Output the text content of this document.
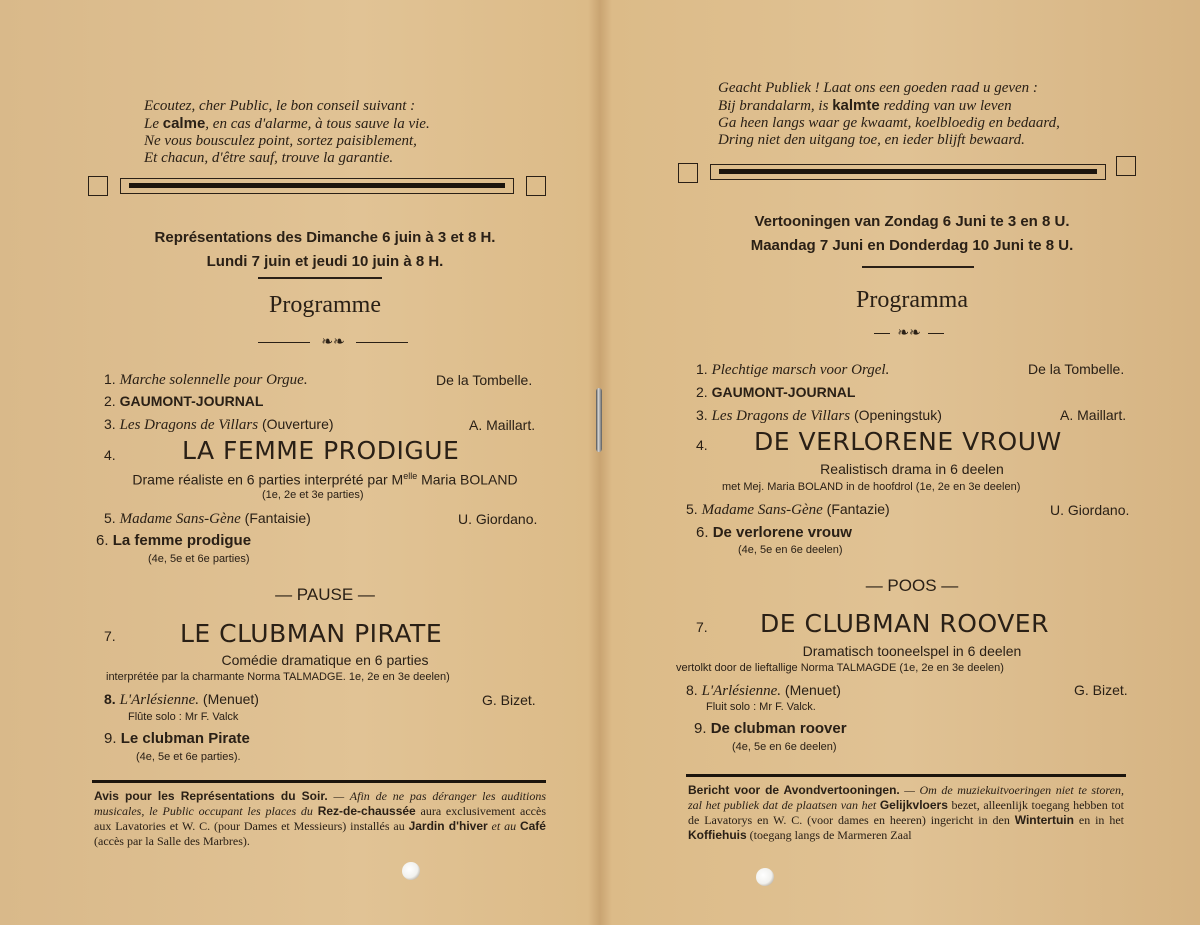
Ecoutez, cher Public, le bon conseil suivant :
Le calme, en cas d'alarme, à tous sauve la vie.
Ne vous bousculez point, sortez paisiblement,
Et chacun, d'être sauf, trouve la garantie.
Représentations des Dimanche 6 juin à 3 et 8 H.
Lundi 7 juin et jeudi 10 juin à 8 H.
Programme
❧❧
1. Marche solennelle pour Orgue.	De la Tombelle.
2. GAUMONT-JOURNAL
3. Les Dragons de Villars (Ouverture)	A. Maillart.
4.	LA FEMME PRODIGUE
Drame réaliste en 6 parties interprété par $M^{elle}$ Maria BOLAND
(1e, 2e et 3e parties)
5. Madame Sans-Gène (Fantaisie)	U. Giordano.
6. La femme prodigue
(4e, 5e et 6e parties)
— PAUSE —
7.	LE CLUBMAN PIRATE
Comédie dramatique en 6 parties
interprétée par la charmante Norma TALMADGE. 1e, 2e en 3e deelen)
8. L'Arlésienne. (Menuet)	G. Bizet.
Flûte solo : Mr F. Valck
9. Le clubman Pirate
(4e, 5e et 6e parties).
Avis pour les Représentations du Soir. — Afin de ne pas déranger les auditions musicales, le Public occupant les places du Rez-de-chaussée aura exclusivement accès aux Lavatories et W. C. (pour Dames et Messieurs) installés au Jardin d'hiver et au Café (accès par la Salle des Marbres).
Geacht Publiek ! Laat ons een goeden raad u geven :
Bij brandalarm, is kalmte redding van uw leven
Ga heen langs waar ge kwaamt, koelbloedig en bedaard,
Dring niet den uitgang toe, en ieder blijft bewaard.
Vertooningen van Zondag 6 Juni te 3 en 8 U.
Maandag 7 Juni en Donderdag 10 Juni te 8 U.
Programma
❧❧
1. Plechtige marsch voor Orgel.	De la Tombelle.
2. GAUMONT-JOURNAL
3. Les Dragons de Villars (Openingstuk)	A. Maillart.
4. DE VERLORENE VROUW
Realistisch drama in 6 deelen
met Mej. Maria BOLAND in de hoofdrol (1e, 2e en 3e deelen)
5. Madame Sans-Gène (Fantazie)	U. Giordano.
6. De verlorene vrouw
(4e, 5e en 6e deelen)
— POOS —
7. DE CLUBMAN ROOVER
Dramatisch tooneelspel in 6 deelen
vertolkt door de lieftallige Norma TALMAGDE (1e, 2e en 3e deelen)
8. L'Arlésienne. (Menuet)	G. Bizet.
Fluit solo : Mr F. Valck.
9. De clubman roover
(4e, 5e en 6e deelen)
Bericht voor de Avondvertooningen. — Om de muziekuitvoeringen niet te storen, zal het publiek dat de plaatsen van het Gelijkvloers bezet, alleenlijk toegang hebben tot de Lavatorys en W. C. (voor dames en heeren) ingericht in den Wintertuin en in het Koffiehuis (toegang langs de Marmeren Zaal
